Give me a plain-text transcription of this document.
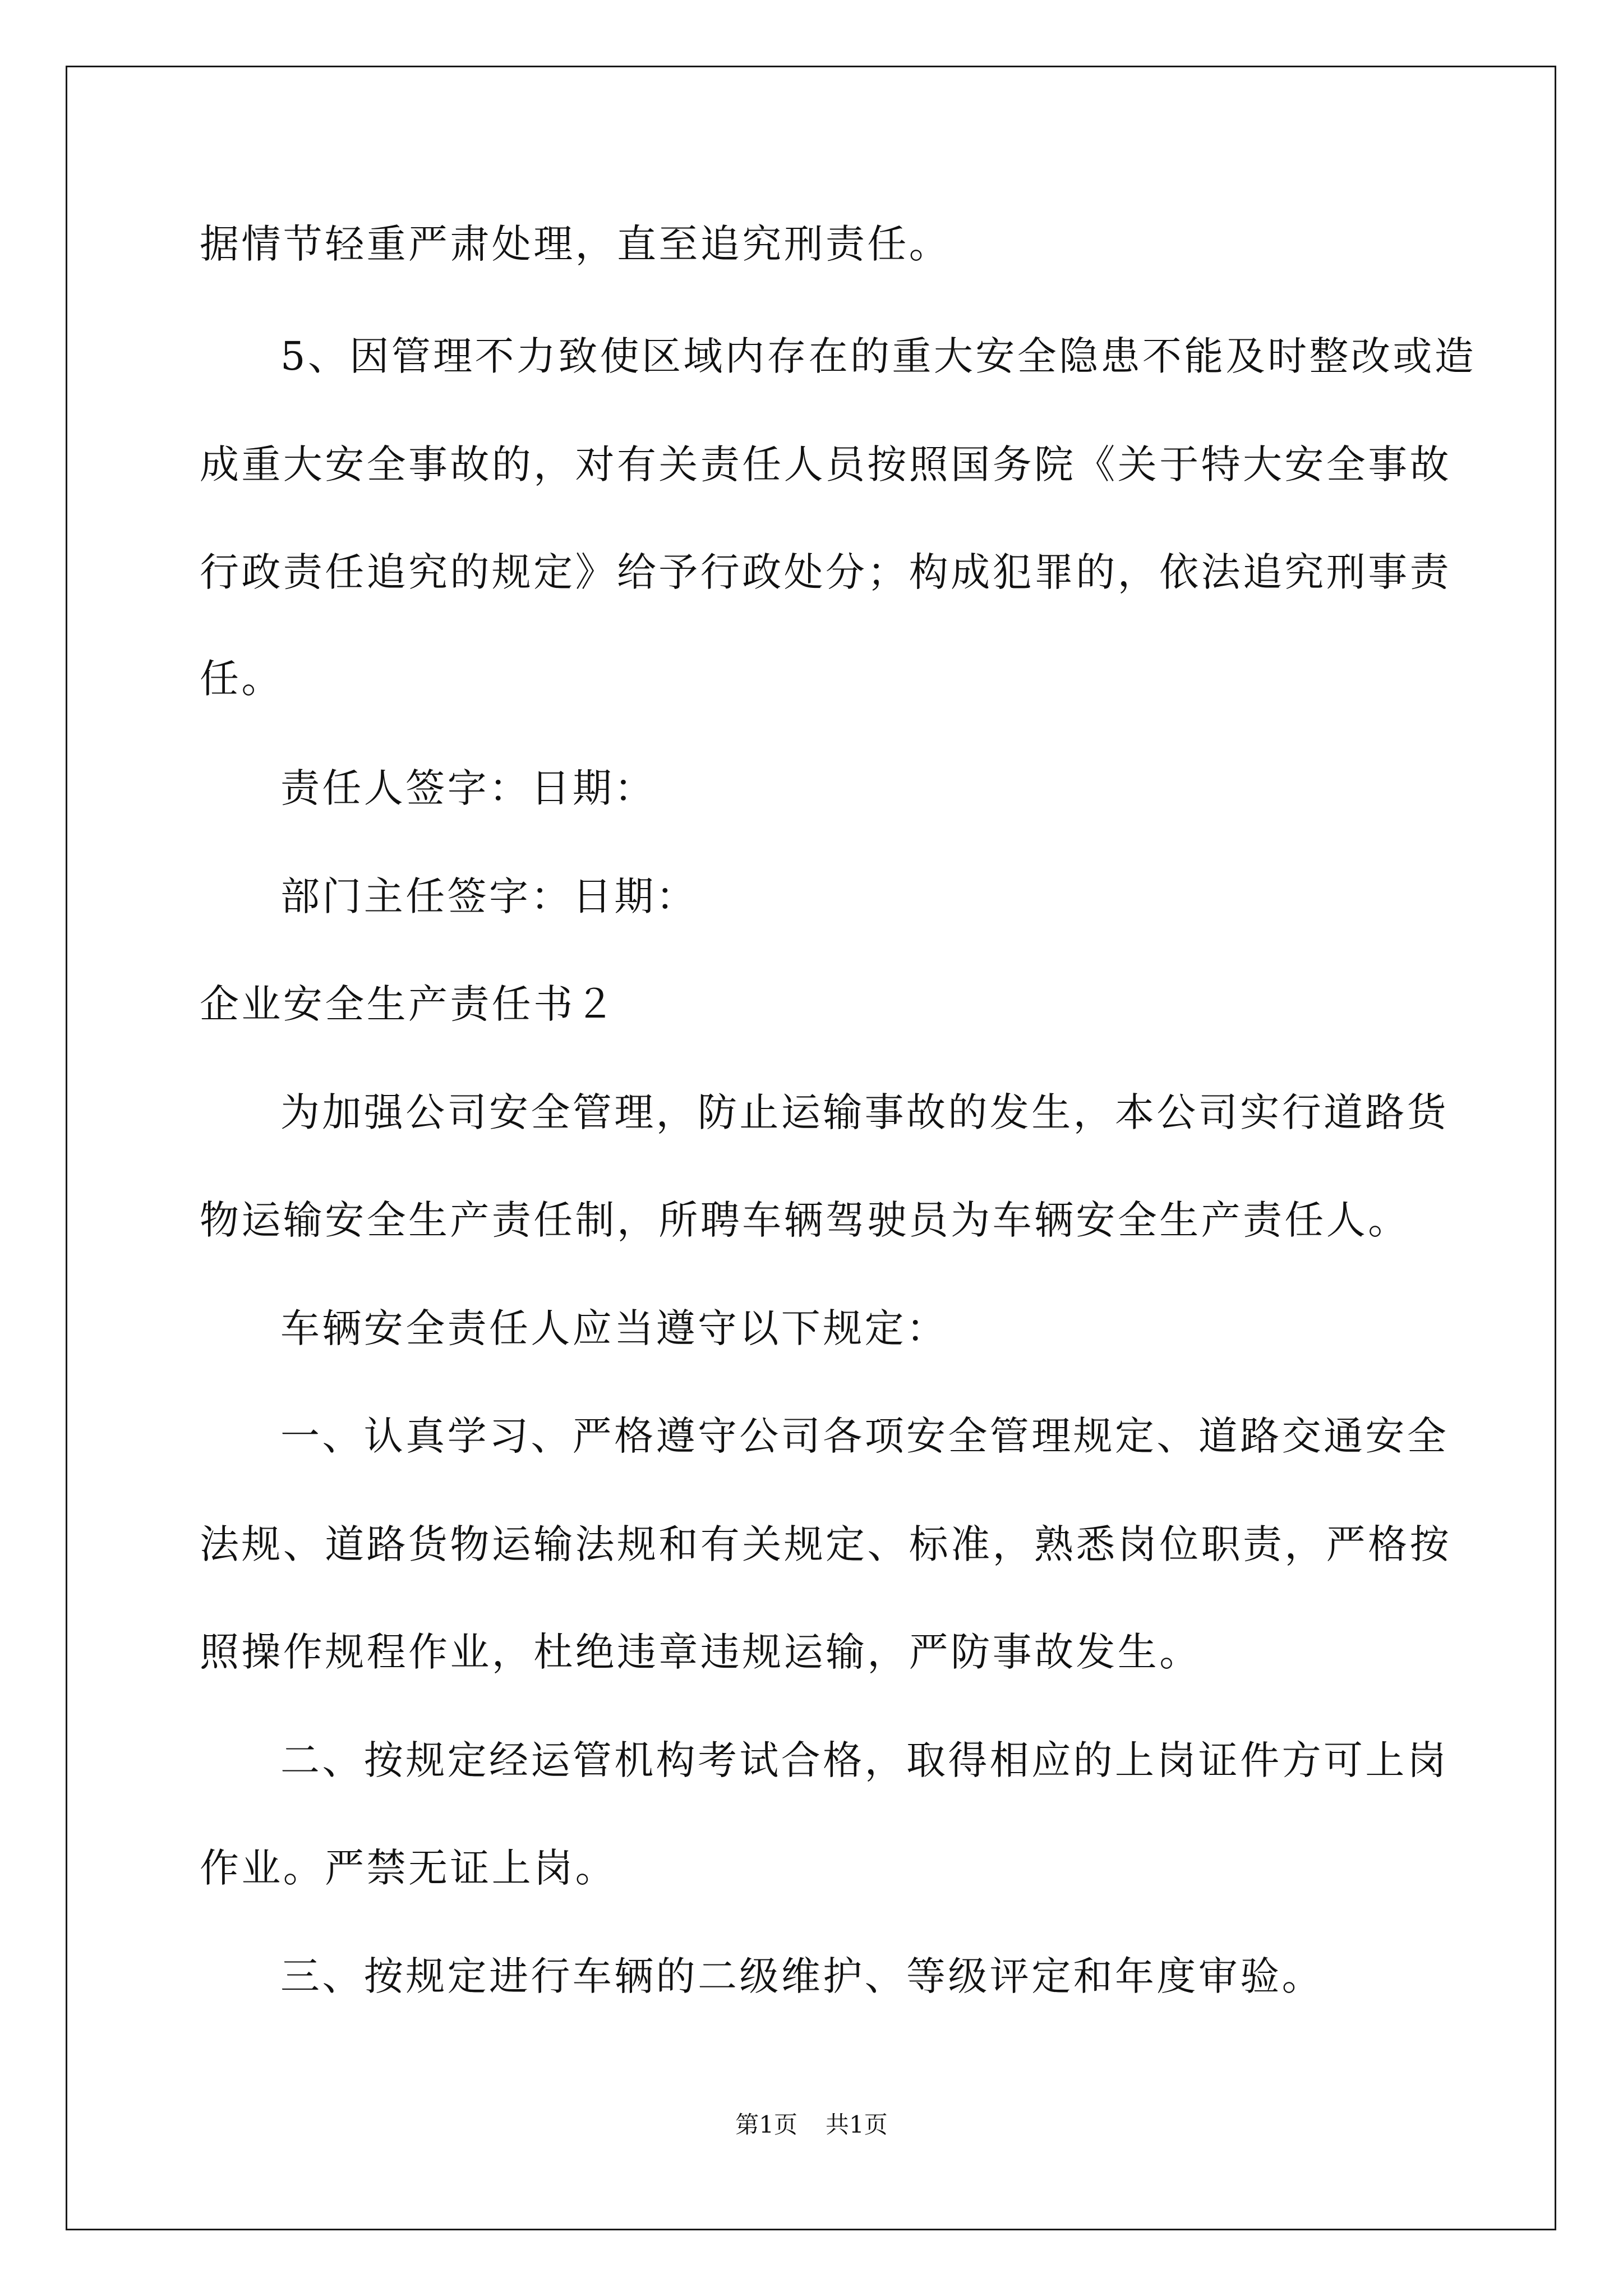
据情节轻重严肃处理，直至追究刑责任。
5、因管理不力致使区域内存在的重大安全隐患不能及时整改或造
成重大安全事故的，对有关责任人员按照国务院《关于特大安全事故
行政责任追究的规定》给予行政处分；构成犯罪的，依法追究刑事责
任。
责任人签字：日期：
部门主任签字：日期：
企业安全生产责任书２
为加强公司安全管理，防止运输事故的发生，本公司实行道路货
物运输安全生产责任制，所聘车辆驾驶员为车辆安全生产责任人。
车辆安全责任人应当遵守以下规定：
一、认真学习、严格遵守公司各项安全管理规定、道路交通安全
法规、道路货物运输法规和有关规定、标准，熟悉岗位职责，严格按
照操作规程作业，杜绝违章违规运输，严防事故发生。
二、按规定经运管机构考试合格，取得相应的上岗证件方可上岗
作业。严禁无证上岗。
三、按规定进行车辆的二级维护、等级评定和年度审验。
第1页 共1页
